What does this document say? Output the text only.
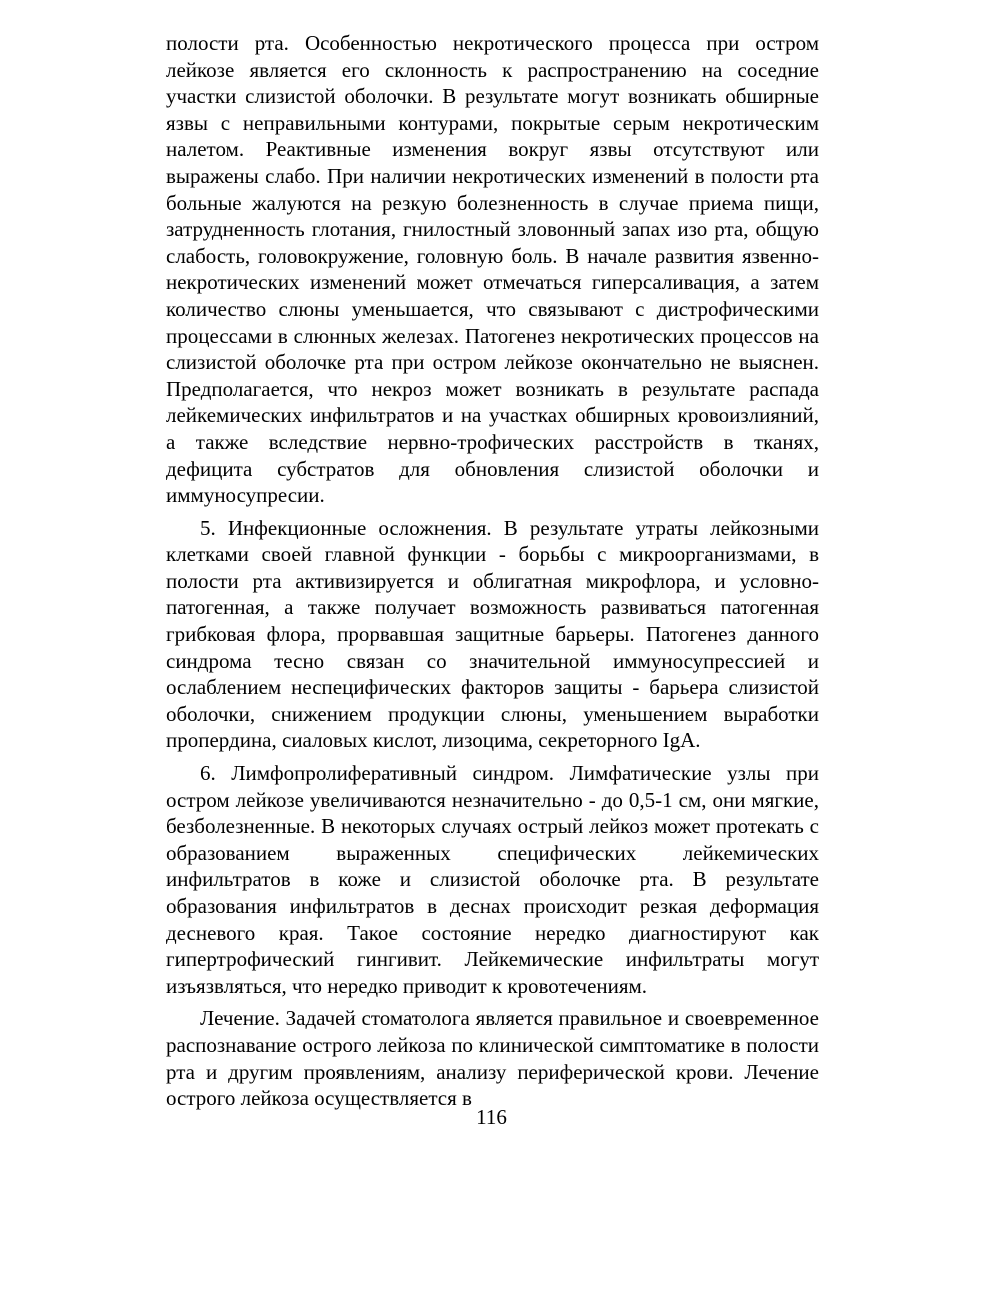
полости рта. Особенностью некротического процесса при остром лейкозе является его склонность к распространению на соседние участки слизистой оболочки. В результате могут возникать обширные язвы с неправильными контурами, покрытые серым некротическим налетом. Реактивные изменения вокруг язвы отсутствуют или выражены слабо. При наличии некротических изменений в полости рта больные жалуются на резкую болезненность в случае приема пищи, затрудненность глотания, гнилостный зловонный запах изо рта, общую слабость, головокружение, головную боль. В начале развития язвенно-некротических изменений может отмечаться гиперсаливация, а затем количество слюны уменьшается, что связывают с дистрофическими процессами в слюнных железах. Патогенез некротических процессов на слизистой оболочке рта при остром лейкозе окончательно не выяснен. Предполагается, что некроз может возникать в результате распада лейкемических инфильтратов и на участках обширных кровоизлияний, а также вследствие нервно-трофических расстройств в тканях, дефицита субстратов для обновления слизистой оболочки и иммуносупресии.

5. Инфекционные осложнения. В результате утраты лейкозными клетками своей главной функции - борьбы с микроорганизмами, в полости рта активизируется и облигатная микрофлора, и условно-патогенная, а также получает возможность развиваться патогенная грибковая флора, прорвавшая защитные барьеры. Патогенез данного синдрома тесно связан со значительной иммуносупрессией и ослаблением неспецифических факторов защиты - барьера слизистой оболочки, снижением продукции слюны, уменьшением выработки пропердина, сиаловых кислот, лизоцима, секреторного IgA.

6. Лимфопролиферативный синдром. Лимфатические узлы при остром лейкозе увеличиваются незначительно - до 0,5-1 см, они мягкие, безболезненные. В некоторых случаях острый лейкоз может протекать с образованием выраженных специфических лейкемических инфильтратов в коже и слизистой оболочке рта. В результате образования инфильтратов в деснах происходит резкая деформация десневого края. Такое состояние нередко диагностируют как гипертрофический гингивит. Лейкемические инфильтраты могут изъязвляться, что нередко приводит к кровотечениям.

Лечение. Задачей стоматолога является правильное и своевременное распознавание острого лейкоза по клинической симптоматике в полости рта и другим проявлениям, анализу периферической крови. Лечение острого лейкоза осуществляется в

116
